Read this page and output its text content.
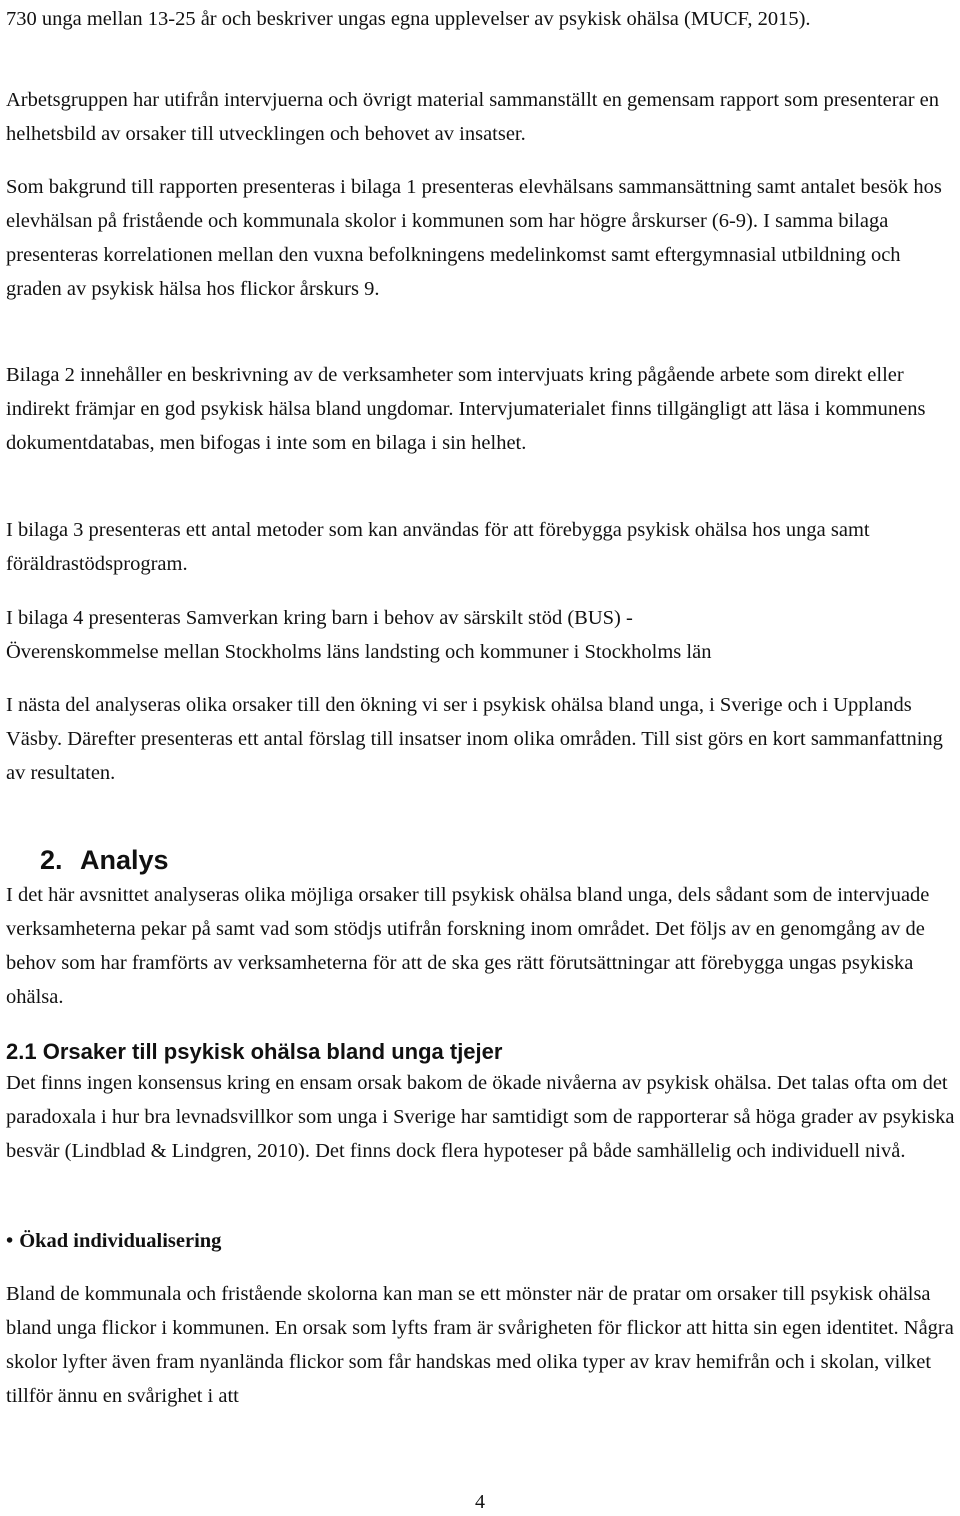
730 unga mellan 13-25 år och beskriver ungas egna upplevelser av psykisk ohälsa (MUCF, 2015).

Arbetsgruppen har utifrån intervjuerna och övrigt material sammanställt en gemensam rapport som presenterar en helhetsbild av orsaker till utvecklingen och behovet av insatser.

Som bakgrund till rapporten presenteras i bilaga 1 presenteras elevhälsans sammansättning samt antalet besök hos elevhälsan på fristående och kommunala skolor i kommunen som har högre årskurser (6-9). I samma bilaga presenteras korrelationen mellan den vuxna befolkningens medelinkomst samt eftergymnasial utbildning och graden av psykisk hälsa hos flickor årskurs 9.

Bilaga 2 innehåller en beskrivning av de verksamheter som intervjuats kring pågående arbete som direkt eller indirekt främjar en god psykisk hälsa bland ungdomar. Intervjumaterialet finns tillgängligt att läsa i kommunens dokumentdatabas, men bifogas i inte som en bilaga i sin helhet.

I bilaga 3 presenteras ett antal metoder som kan användas för att förebygga psykisk ohälsa hos unga samt föräldrastödsprogram.

I bilaga 4 presenteras Samverkan kring barn i behov av särskilt stöd (BUS) -
Överenskommelse mellan Stockholms läns landsting och kommuner i Stockholms län

I nästa del analyseras olika orsaker till den ökning vi ser i psykisk ohälsa bland unga, i Sverige och i Upplands Väsby. Därefter presenteras ett antal förslag till insatser inom olika områden. Till sist görs en kort sammanfattning av resultaten.

2. Analys

I det här avsnittet analyseras olika möjliga orsaker till psykisk ohälsa bland unga, dels sådant som de intervjuade verksamheterna pekar på samt vad som stödjs utifrån forskning inom området. Det följs av en genomgång av de behov som har framförts av verksamheterna för att de ska ges rätt förutsättningar att förebygga ungas psykiska ohälsa.

2.1 Orsaker till psykisk ohälsa bland unga tjejer

Det finns ingen konsensus kring en ensam orsak bakom de ökade nivåerna av psykisk ohälsa. Det talas ofta om det paradoxala i hur bra levnadsvillkor som unga i Sverige har samtidigt som de rapporterar så höga grader av psykiska besvär (Lindblad & Lindgren, 2010). Det finns dock flera hypoteser på både samhällelig och individuell nivå.

• Ökad individualisering

Bland de kommunala och fristående skolorna kan man se ett mönster när de pratar om orsaker till psykisk ohälsa bland unga flickor i kommunen. En orsak som lyfts fram är svårigheten för flickor att hitta sin egen identitet. Några skolor lyfter även fram nyanlända flickor som får handskas med olika typer av krav hemifrån och i skolan, vilket tillför ännu en svårighet i att

4
